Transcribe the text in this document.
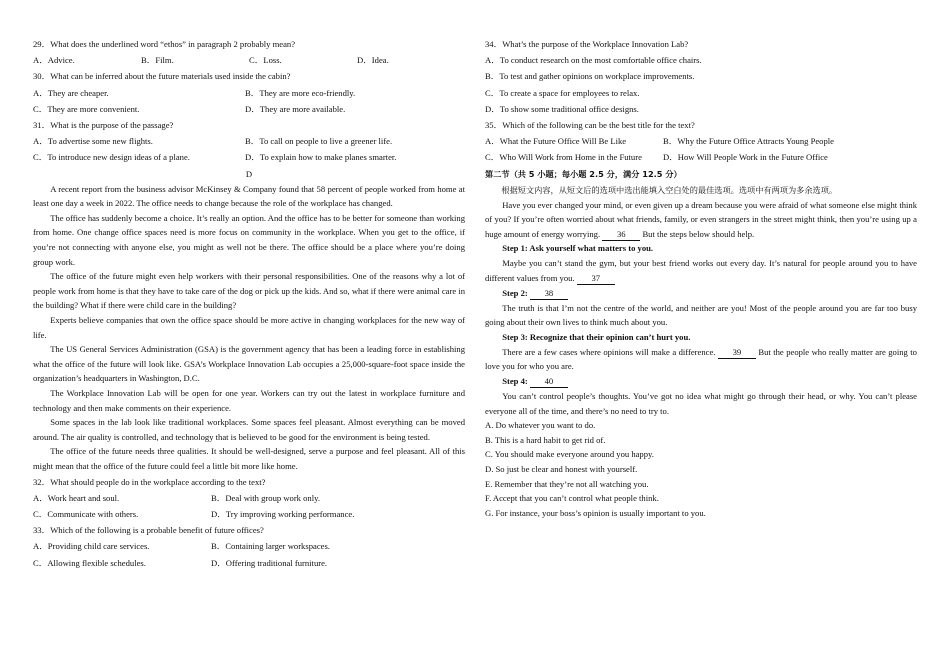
29．What does the underlined word “ethos” in paragraph 2 probably mean?
A．Advice.	B．Film.	C．Loss.	D．Idea.
30．What can be inferred about the future materials used inside the cabin?
A．They are cheaper.	B．They are more eco-friendly.
C．They are more convenient.	D．They are more available.
31．What is the purpose of the passage?
A．To advertise some new flights.	B．To call on people to live a greener life.
C．To introduce new design ideas of a plane.	D．To explain how to make planes smarter.
D

A recent report from the business advisor McKinsey & Company found that 58 percent of people worked from home at least one day a week in 2022. The office needs to change because the role of the workplace has changed.

The office has suddenly become a choice. It’s really an option. And the office has to be better for someone than working from home. One change office spaces need is more focus on community in the workplace. When you get to the office, if you’re not connecting with anyone else, you might as well not be there. The office should be a place where you’re doing group work.

The office of the future might even help workers with their personal responsibilities. One of the reasons why a lot of people work from home is that they have to take care of the dog or pick up the kids. And so, what if there were animal care in the building? What if there were child care in the building?

Experts believe companies that own the office space should be more active in changing workplaces for the new way of life.

The US General Services Administration (GSA) is the government agency that has been a leading force in establishing what the office of the future will look like. GSA’s Workplace Innovation Lab occupies a 25,000-square-foot space inside the organization’s headquarters in Washington, D.C.

The Workplace Innovation Lab will be open for one year. Workers can try out the latest in workplace furniture and technology and then make comments on their experience.

Some spaces in the lab look like traditional workplaces. Some spaces feel pleasant. Almost everything can be moved around. The air quality is controlled, and technology that is believed to be good for the environment is being tested.

The office of the future needs three qualities. It should be well-designed, serve a purpose and feel pleasant. All of this might mean that the office of the future could feel a little bit more like home.

32．What should people do in the workplace according to the text?
A．Work heart and soul.	B．Deal with group work only.
C．Communicate with others.	D．Try improving working performance.
33．Which of the following is a probable benefit of future offices?
A．Providing child care services.	B．Containing larger workspaces.
C．Allowing flexible schedules.	D．Offering traditional furniture.
34．What’s the purpose of the Workplace Innovation Lab?
A．To conduct research on the most comfortable office chairs.
B．To test and gather opinions on workplace improvements.
C．To create a space for employees to relax.
D．To show some traditional office designs.
35．Which of the following can be the best title for the text?
A．What the Future Office Will Be Like	B．Why the Future Office Attracts Young People
C．Who Will Work from Home in the Future	D．How Will People Work in the Future Office
第二节（共 5 小题；每小题 2.5 分，满分 12.5 分）
根据短文内容，从短文后的选项中选出能填入空白处的最佳选项。选项中有两项为多余选项。

Have you ever changed your mind, or even given up a dream because you were afraid of what someone else might think of you? If you’re often worried about what friends, family, or even strangers in the street might think, then you’re using up a huge amount of energy worrying. 36 But the steps below should help.

Step 1: Ask yourself what matters to you.

Maybe you can’t stand the gym, but your best friend works out every day. It’s natural for people around you to have different values from you. 37

Step 2: 38

The truth is that I’m not the centre of the world, and neither are you! Most of the people around you are far too busy going about their own lives to think much about you.

Step 3: Recognize that their opinion can’t hurt you.

There are a few cases where opinions will make a difference. 39 But the people who really matter are going to love you for who you are.

Step 4: 40

You can’t control people’s thoughts. You’ve got no idea what might go through their head, or why. You can’t please everyone all of the time, and there’s no need to try to.

A. Do whatever you want to do.
B. This is a hard habit to get rid of.
C. You should make everyone around you happy.
D. So just be clear and honest with yourself.
E. Remember that they’re not all watching you.
F. Accept that you can’t control what people think.
G. For instance, your boss’s opinion is usually important to you.
